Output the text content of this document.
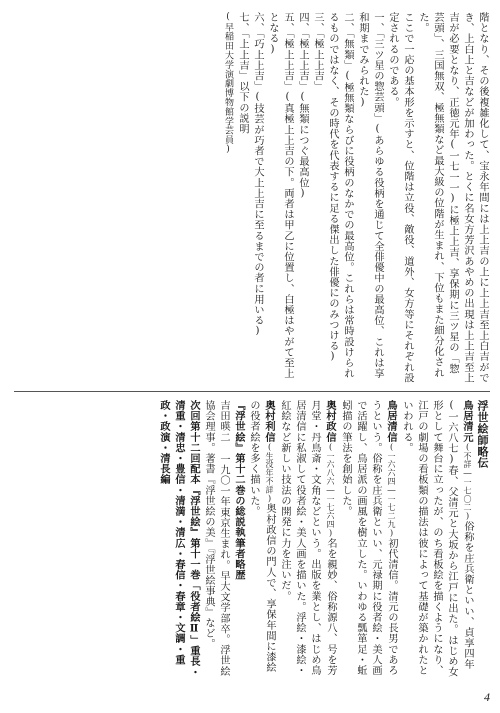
階となり、その後複雑化して、宝永年間には上上吉の上に上上吉至上白吉ができ、上白上と吉などが加わった。とくに名女方芳沢あやめの出現は上上吉至上吉が必要となり、正徳元年(一七一一)に極上上吉、享保期に三ツ星の「惣芸頭」、三国無双、極無類など最大級の位階が生まれ、下位もまた細分化された。

ここで一応の基本形を示すと、位階は立役、敵役、道外、女方等にそれぞれ設定されるのである。

一、「三ツ星の惣芸頭」(あらゆる役柄を通じて全俳優中の最高位、これは享和期までみられた)

二、「無類」(極無類ならびに役柄のなかでの最高位。これらは常時設けられるものではなく、その時代を代表するに足る傑出した俳優にのみつける)

三、「極上上吉」

四、「極上上吉」(無類につぐ最高位)

五、「極上上吉」(真極上上吉の下。両者は甲乙に位置し、白極はやがて至上となる)

六、「巧上上吉」(技芸が巧者で大上上吉に至るまでの者に用いる)

七、「上上吉」以下の説明

(早稲田大学演劇博物館学芸員)

浮世絵師略伝

鳥居清元(不詳―一七〇二)俗称を庄兵衛といい、貞享四年(一六八七)春、父清元と大坂から江戸に出た。はじめ女形として舞台に立ったが、のち看板絵を描くようになり、江戸の劇場の看板類の描法は彼によって基礎が築かれたといわれる。

鳥居清信(一六六四―一七二九)初代清信。清元の長男であろうという。俗称を庄兵衛といい、元禄期に役者絵・美人画で活躍し、鳥居派の画風を樹立した。いわゆる瓢箪足・蚯蚓描の筆法を創始した。

奥村政信(一六八六―一七六四)名を親妙、俗称源八、号を芳月堂・丹鳥斎・文角などという。出版を業とし、はじめ鳥居清信に私淑して役者絵・美人画を描いた。浮絵・漆絵・紅絵など新しい技法の開発に力を注いだ。

奥村利信(生没年不詳)奥村政信の門人で、享保年間に漆絵の役者絵を多く描いた。

『浮世絵』第十二巻の総説執筆者略歴

吉田暎二 一九〇一年東京生まれ。早大文学部卒。浮世絵協会理事。著書『浮世絵の美』『浮世絵事典』など。

次回第十二回配本『浮世絵』第十一巻「役者絵Ⅱ」重長・清重・清忠・豊信・清満・清広・春信・春章・文調・重政・政演・清長編

4
